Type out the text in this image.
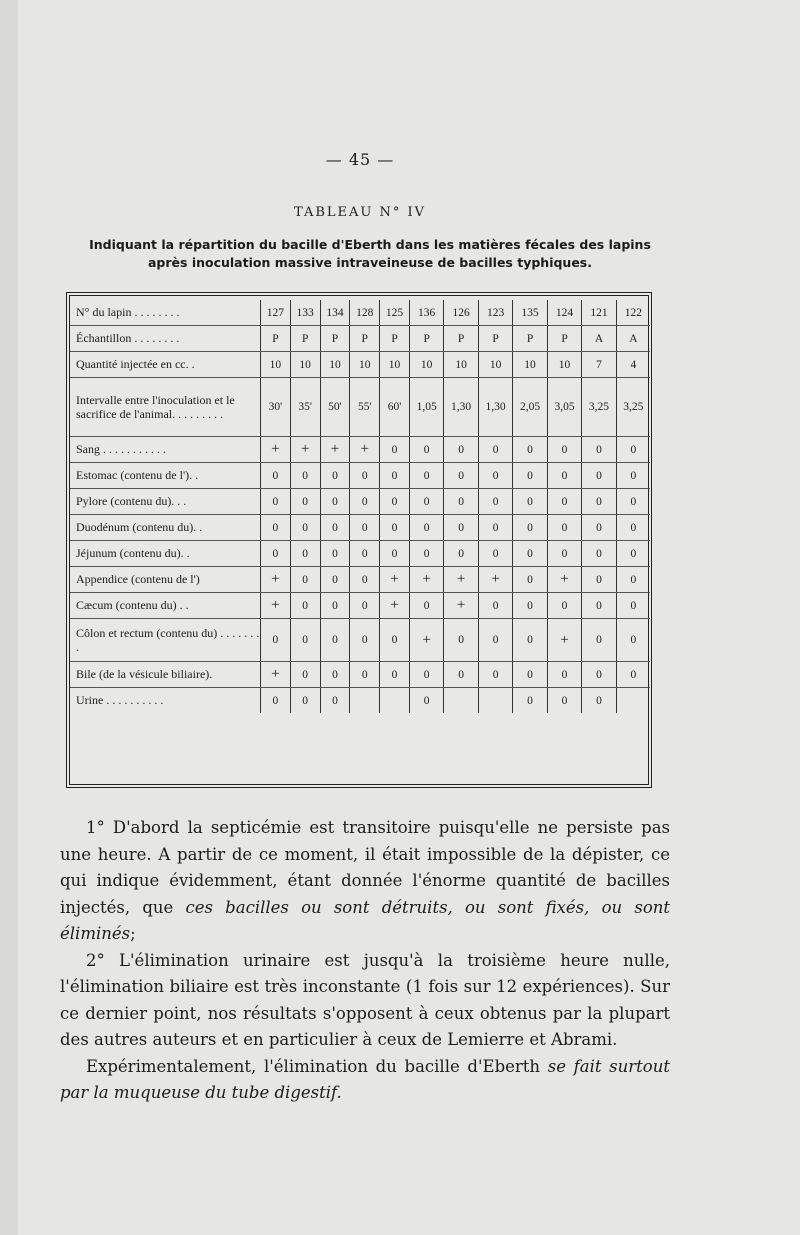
— 45 —
TABLEAU N° IV
Indiquant la répartition du bacille d'Eberth dans les matières fécales des lapins après inoculation massive intraveineuse de bacilles typhiques.
N° du lapin . . . . . . . .	127	133	134	128	125	136	126	123	135	124	121	122
Échantillon . . . . . . . .	P	P	P	P	P	P	P	P	P	P	A	A
Quantité injectée en cc. .	10	10	10	10	10	10	10	10	10	10	7	4
Intervalle entre l'inoculation et le sacrifice de l'animal. . . . . . . . .	30'	35'	50'	55'	60'	1,05	1,30	1,30	2,05	3,05	3,25	3,25
Sang . . . . . . . . . . .	+	+	+	+	0	0	0	0	0	0	0	0
Estomac (contenu de l'). .	0	0	0	0	0	0	0	0	0	0	0	0
Pylore (contenu du). . .	0	0	0	0	0	0	0	0	0	0	0	0
Duodénum (contenu du). .	0	0	0	0	0	0	0	0	0	0	0	0
Jéjunum (contenu du). .	0	0	0	0	0	0	0	0	0	0	0	0
Appendice (contenu de l')	+	0	0	0	+	+	+	+	0	+	0	0
Cæcum (contenu du) . .	+	0	0	0	+	0	+	0	0	0	0	0
Côlon et rectum (contenu du) . . . . . . . .	0	0	0	0	0	+	0	0	0	+	0	0
Bile (de la vésicule biliaire).	+	0	0	0	0	0	0	0	0	0	0	0
Urine . . . . . . . . . .	0	0	0			0			0	0	0	

1° D'abord la septicémie est transitoire puisqu'elle ne persiste pas une heure. A partir de ce moment, il était impossible de la dépister, ce qui indique évidemment, étant donnée l'énorme quantité de bacilles injectés, que ces bacilles ou sont détruits, ou sont fixés, ou sont éliminés;

2° L'élimination urinaire est jusqu'à la troisième heure nulle, l'élimination biliaire est très inconstante (1 fois sur 12 expériences). Sur ce dernier point, nos résultats s'opposent à ceux obtenus par la plupart des autres auteurs et en particulier à ceux de Lemierre et Abrami.

Expérimentalement, l'élimination du bacille d'Eberth se fait surtout par la muqueuse du tube digestif.
